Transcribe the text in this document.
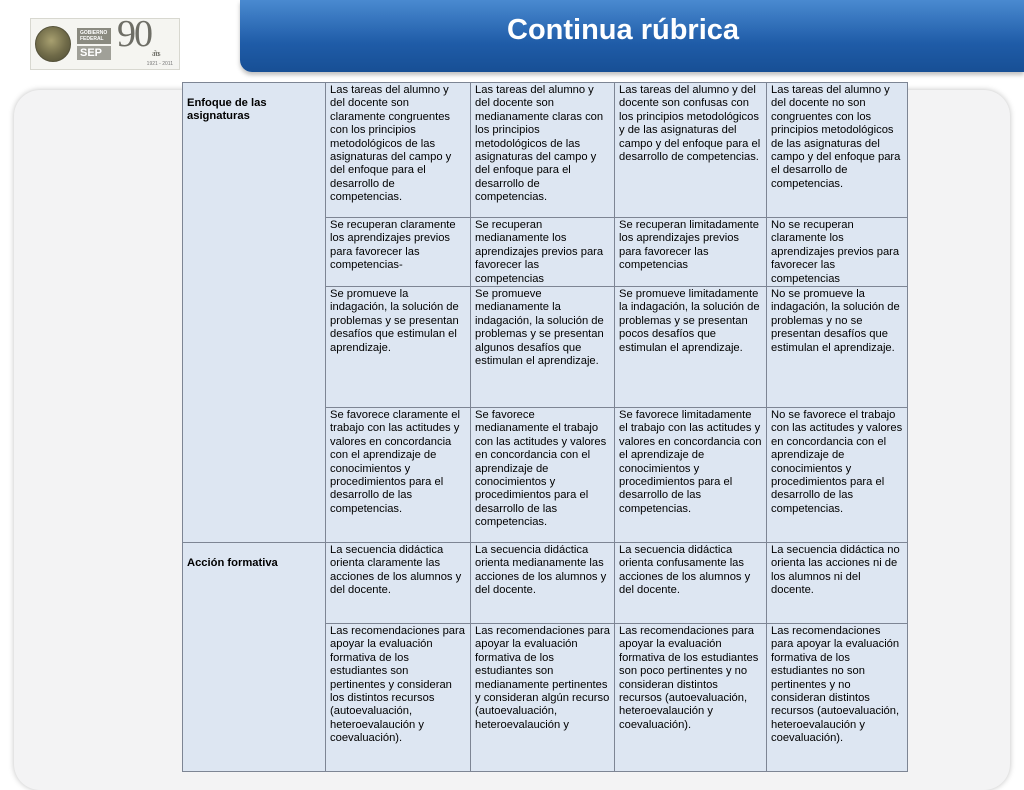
GOBIERNO FEDERAL
SEP 90 años
1921 - 2011
Continua rúbrica
Enfoque de las asignaturas	Las tareas del alumno y del docente son claramente congruentes con los principios metodológicos de las asignaturas del campo y del enfoque para el desarrollo de competencias.	Las tareas del alumno y del docente son medianamente claras con los principios metodológicos de las asignaturas del campo y del enfoque para el desarrollo de competencias.	Las tareas del alumno y del docente son confusas con los principios metodológicos y de las asignaturas del campo y del enfoque para el desarrollo de competencias.	Las tareas del alumno y del docente no son congruentes con los principios metodológicos de las asignaturas del campo y del enfoque para el desarrollo de competencias.
	Se recuperan claramente los aprendizajes previos para favorecer las competencias-	Se recuperan medianamente los aprendizajes previos para favorecer las competencias	Se recuperan limitadamente los aprendizajes previos para favorecer las competencias	No se recuperan claramente los aprendizajes previos para favorecer las competencias
	Se promueve la indagación, la solución de problemas y se presentan desafíos que estimulan el aprendizaje.	Se promueve medianamente la indagación, la solución de problemas y se presentan algunos desafíos que estimulan el aprendizaje.	Se promueve limitadamente la indagación, la solución de problemas y se presentan pocos desafíos que estimulan el aprendizaje.	No se promueve la indagación, la solución de problemas y no se presentan desafíos que estimulan el aprendizaje.
	Se favorece claramente el trabajo con las actitudes y valores en concordancia con el aprendizaje de conocimientos y procedimientos para el desarrollo de las competencias.	Se favorece medianamente el trabajo con las actitudes y valores en concordancia con el aprendizaje de conocimientos y procedimientos para el desarrollo de las competencias.	Se favorece limitadamente el trabajo con las actitudes y valores en concordancia con el aprendizaje de conocimientos y procedimientos para el desarrollo de las competencias.	No se favorece el trabajo con las actitudes y valores en concordancia con el aprendizaje de conocimientos y procedimientos para el desarrollo de las competencias.
Acción formativa	La secuencia didáctica orienta claramente las acciones de los alumnos y del docente.	La secuencia didáctica orienta medianamente las acciones de los alumnos y del docente.	La secuencia didáctica orienta confusamente las acciones de los alumnos y del docente.	La secuencia didáctica no orienta las acciones ni de los alumnos ni del docente.
	Las recomendaciones para apoyar la evaluación formativa de los estudiantes son pertinentes y consideran los distintos recursos (autoevaluación, heteroevalaución y coevaluación).	Las recomendaciones para apoyar la evaluación formativa de los estudiantes son medianamente pertinentes y consideran algún recurso (autoevaluación, heteroevalaución y	Las recomendaciones para apoyar la evaluación formativa de los estudiantes son poco pertinentes y no consideran distintos recursos (autoevaluación, heteroevalaución y coevaluación).	Las recomendaciones para apoyar la evaluación formativa de los estudiantes no son pertinentes y no consideran distintos recursos (autoevaluación, heteroevalaución y coevaluación).
